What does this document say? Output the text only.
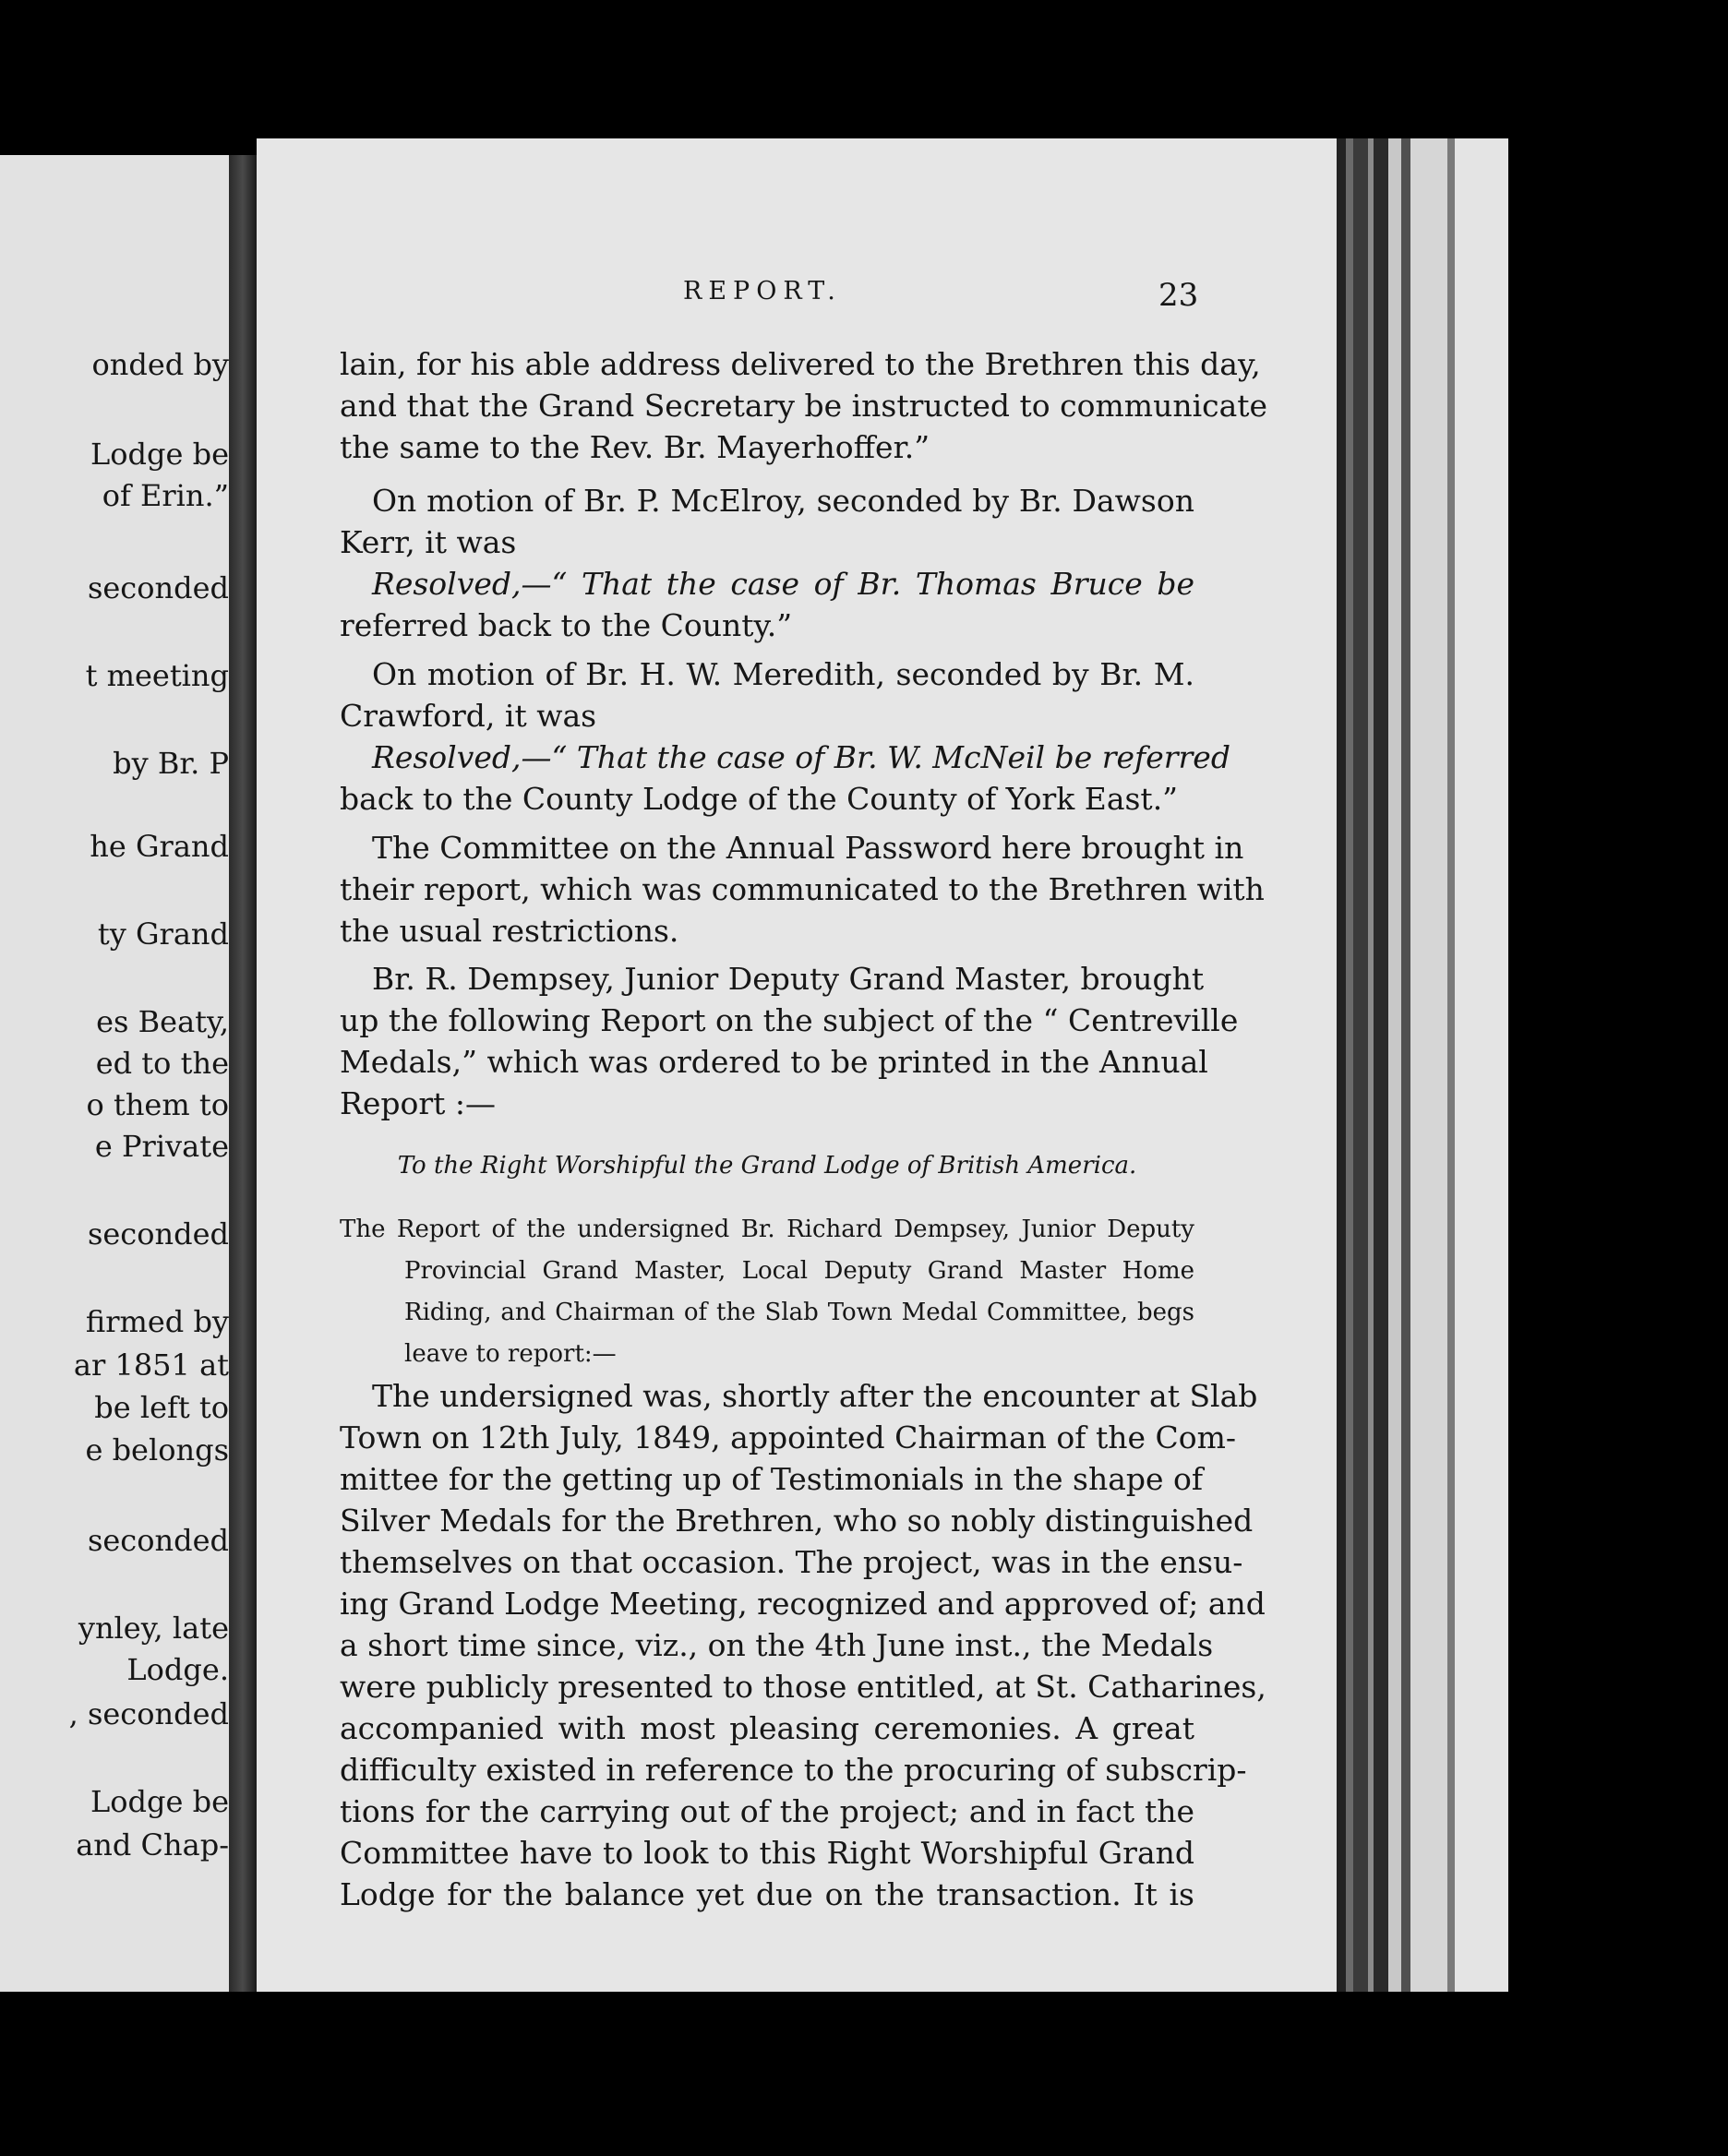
onded by
Lodge be
of Erin.”
seconded
t meeting
by Br. P
he Grand
ty Grand
es Beaty,
ed to the
o them to
e Private
seconded
firmed by
ar 1851 at
be left to
e belongs
seconded
ynley, late
Lodge.
, seconded
Lodge be
and Chap-
REPORT.	23
lain, for his able address delivered to the Brethren this day,
and that the Grand Secretary be instructed to communicate
the same to the Rev. Br. Mayerhoffer.”
On motion of Br. P. McElroy, seconded by Br. Dawson
Kerr, it was
Resolved,—“ That the case of Br. Thomas Bruce be
referred back to the County.”
On motion of Br. H. W. Meredith, seconded by Br. M.
Crawford, it was
Resolved,—“ That the case of Br. W. McNeil be referred
back to the County Lodge of the County of York East.”
The Committee on the Annual Password here brought in
their report, which was communicated to the Brethren with
the usual restrictions.
Br. R. Dempsey, Junior Deputy Grand Master, brought
up the following Report on the subject of the “ Centreville
Medals,” which was ordered to be printed in the Annual
Report :—
To the Right Worshipful the Grand Lodge of British America.
The Report of the undersigned Br. Richard Dempsey, Junior Deputy
Provincial Grand Master, Local Deputy Grand Master Home
Riding, and Chairman of the Slab Town Medal Committee, begs
leave to report:—
The undersigned was, shortly after the encounter at Slab
Town on 12th July, 1849, appointed Chairman of the Com-
mittee for the getting up of Testimonials in the shape of
Silver Medals for the Brethren, who so nobly distinguished
themselves on that occasion. The project, was in the ensu-
ing Grand Lodge Meeting, recognized and approved of; and
a short time since, viz., on the 4th June inst., the Medals
were publicly presented to those entitled, at St. Catharines,
accompanied with most pleasing ceremonies. A great
difficulty existed in reference to the procuring of subscrip-
tions for the carrying out of the project; and in fact the
Committee have to look to this Right Worshipful Grand
Lodge for the balance yet due on the transaction. It is
